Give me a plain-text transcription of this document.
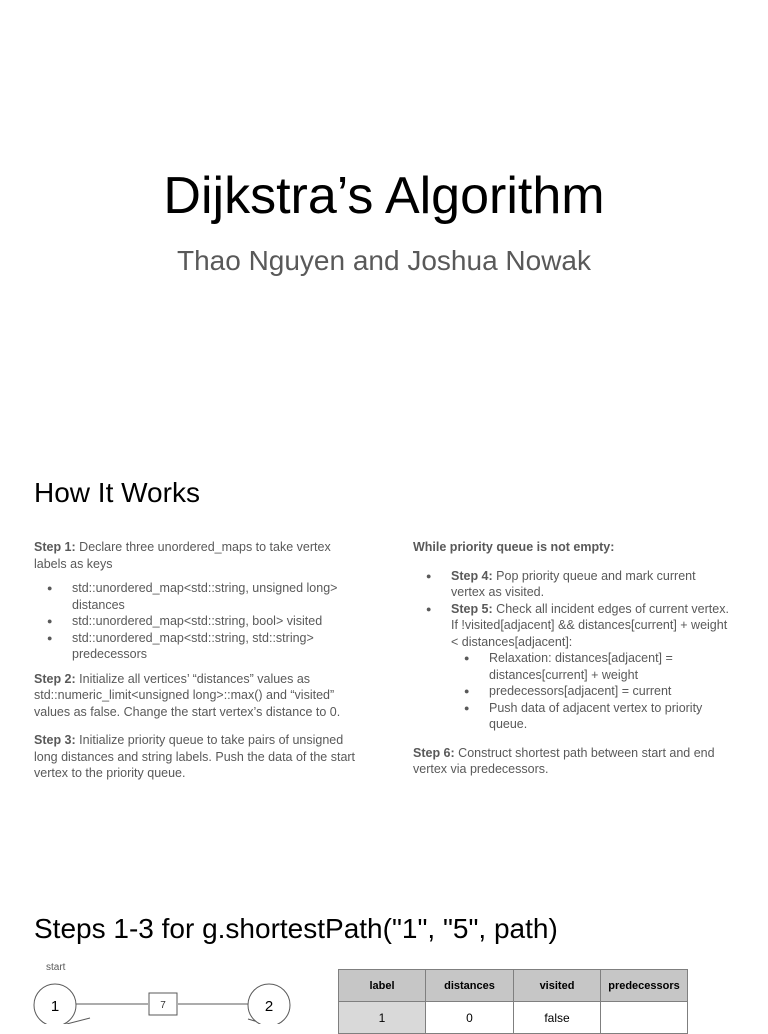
Dijkstra’s Algorithm
Thao Nguyen and Joshua Nowak
How It Works

Step 1: Declare three unordered_maps to take vertex labels as keys

● std::unordered_map<std::string, unsigned long> distances
● std::unordered_map<std::string, bool> visited
● std::unordered_map<std::string, std::string> predecessors

Step 2: Initialize all vertices’ “distances” values as std::numeric_limit<unsigned long>::max() and “visited” values as false. Change the start vertex’s distance to 0.

Step 3: Initialize priority queue to take pairs of unsigned long distances and string labels. Push the data of the start vertex to the priority queue.

While priority queue is not empty:

● Step 4: Pop priority queue and mark current vertex as visited.
● Step 5: Check all incident edges of current vertex. If !visited[adjacent] && distances[current] + weight < distances[adjacent]:
● Relaxation: distances[adjacent] = distances[current] + weight
● predecessors[adjacent] = current
● Push data of adjacent vertex to priority queue.

Step 6: Construct shortest path between start and end vertex via predecessors.

Steps 1-3 for g.shortestPath("1", "5", path)
start
7
1	2
label	distances	visited	predecessors
1	0	false	
